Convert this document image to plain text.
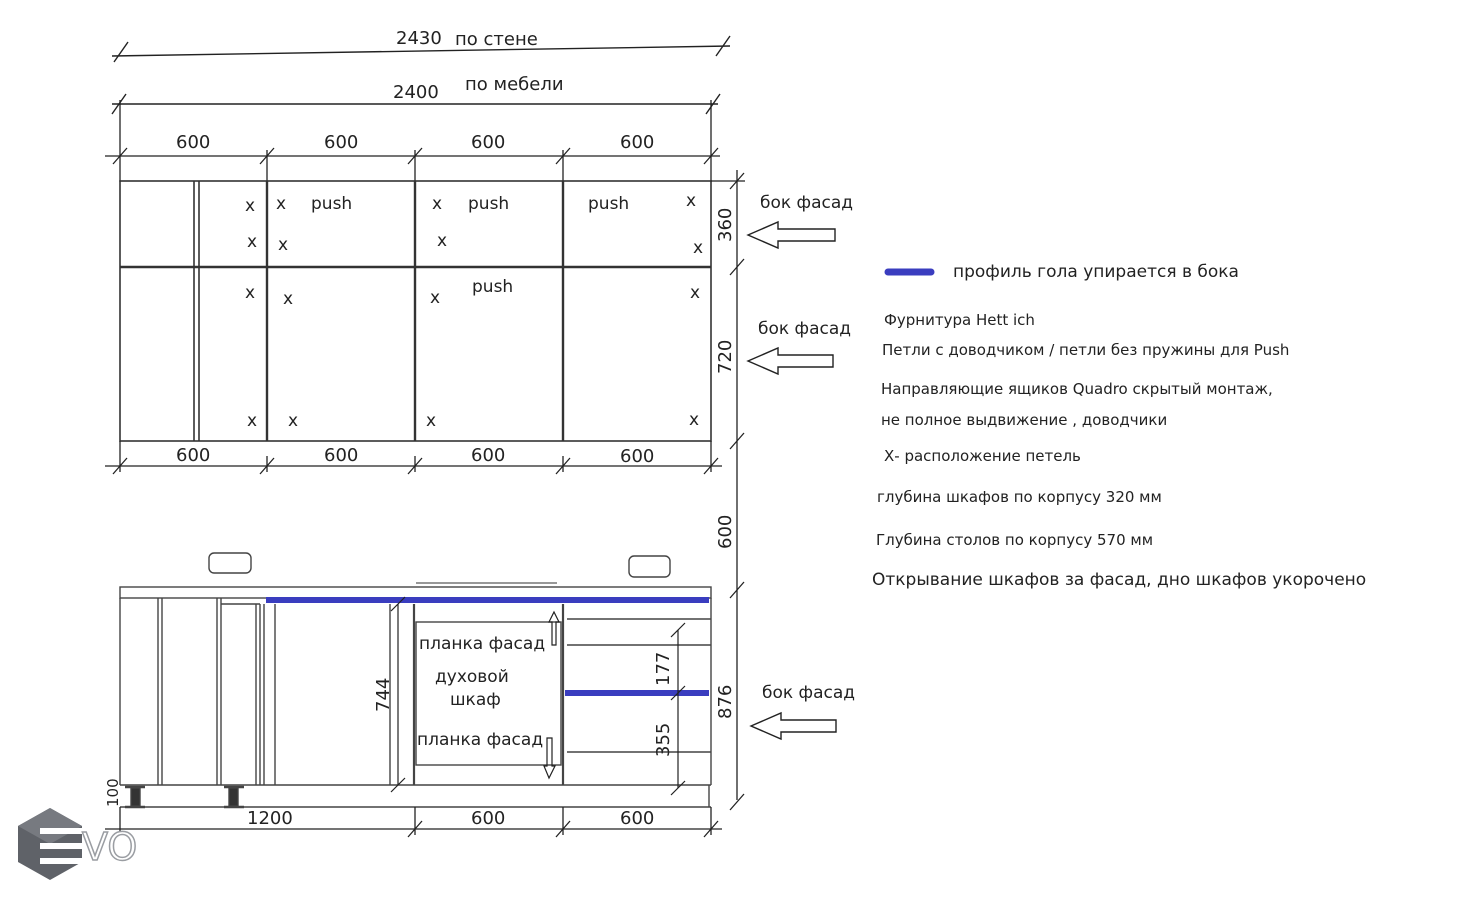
2430 по стене
2400 по мебели
600	600	600	600
x x
x x
x
x
x
x
x x	x	x
x x	x	x
push	push	push
push
600	600	600	600
360
720
600
876
бок фасад
бок фасад
бок фасад
планка фасад
духовой
шкаф
планка фасад
744
177
355
100
1200	600	600
VO
профиль гола упирается в бока
Фурнитура Hett ich
Петли с доводчиком / петли без пружины для Push
Направляющие ящиков Quadro скрытый монтаж,
не полное выдвижение , доводчики
Х- расположение петель
глубина шкафов по корпусу 320 мм
Глубина столов по корпусу 570 мм
Открывание шкафов за фасад, дно шкафов укорочено
